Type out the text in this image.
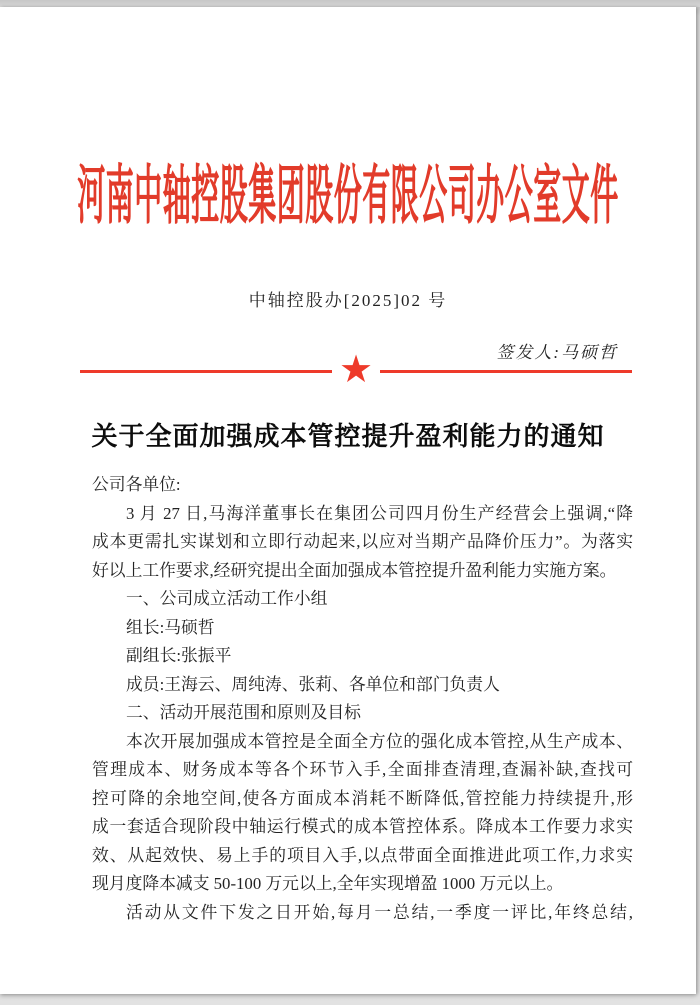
河南中轴控股集团股份有限公司办公室文件
中轴控股办[2025]02 号
签发人:马硕哲
★
关于全面加强成本管控提升盈利能力的通知
公司各单位:
3 月 27 日,马海洋董事长在集团公司四月份生产经营会上强调,“降
成本更需扎实谋划和立即行动起来,以应对当期产品降价压力”。为落实
好以上工作要求,经研究提出全面加强成本管控提升盈利能力实施方案。
一、公司成立活动工作小组
组长:马硕哲
副组长:张振平
成员:王海云、周纯涛、张莉、各单位和部门负责人
二、活动开展范围和原则及目标
本次开展加强成本管控是全面全方位的强化成本管控,从生产成本、
管理成本、财务成本等各个环节入手,全面排查清理,查漏补缺,查找可
控可降的余地空间,使各方面成本消耗不断降低,管控能力持续提升,形
成一套适合现阶段中轴运行模式的成本管控体系。降成本工作要力求实
效、从起效快、易上手的项目入手,以点带面全面推进此项工作,力求实
现月度降本减支 50-100 万元以上,全年实现增盈 1000 万元以上。
活动从文件下发之日开始,每月一总结,一季度一评比,年终总结,
